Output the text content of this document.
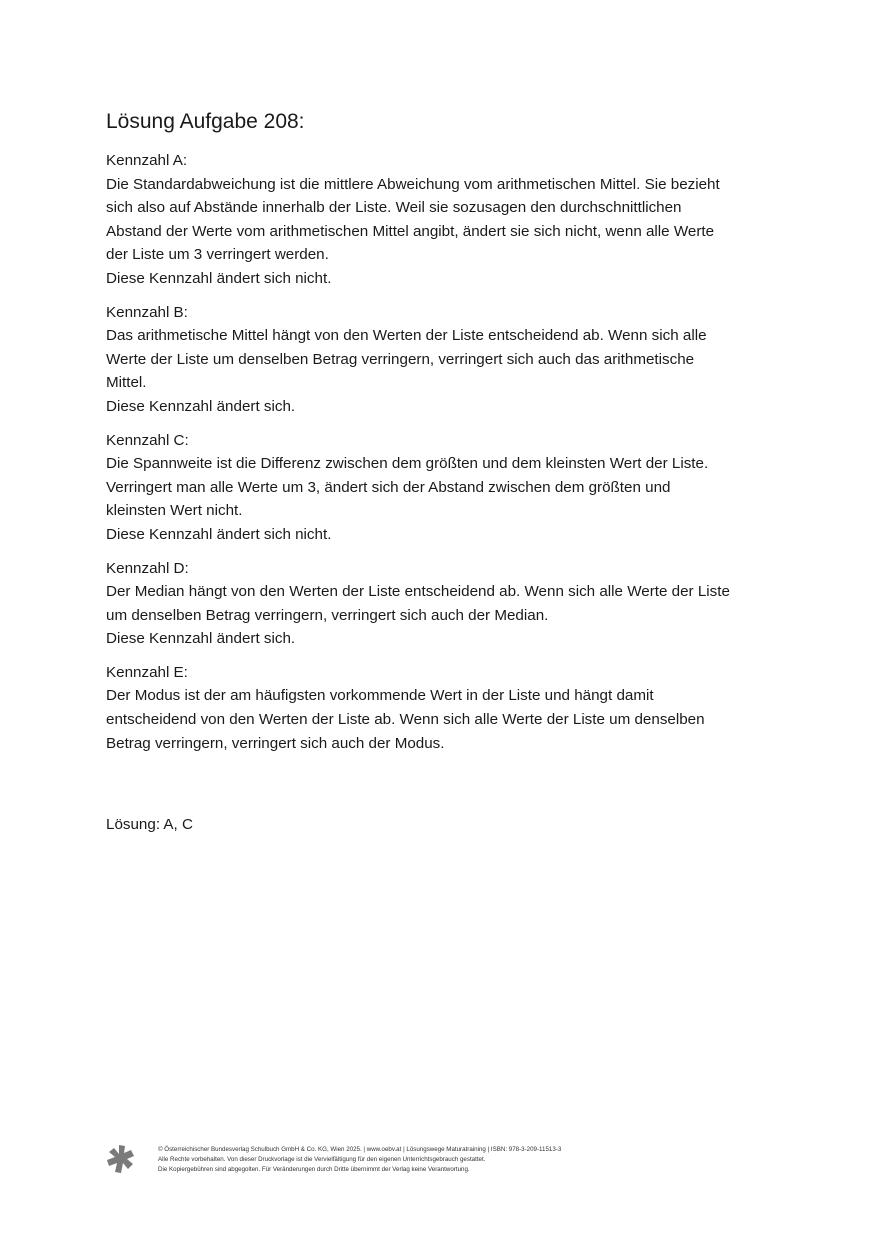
Lösung Aufgabe 208:

Kennzahl A:

Die Standardabweichung ist die mittlere Abweichung vom arithmetischen Mittel. Sie bezieht

sich also auf Abstände innerhalb der Liste. Weil sie sozusagen den durchschnittlichen

Abstand der Werte vom arithmetischen Mittel angibt, ändert sie sich nicht, wenn alle Werte

der Liste um 3 verringert werden.

Diese Kennzahl ändert sich nicht.

Kennzahl B:

Das arithmetische Mittel hängt von den Werten der Liste entscheidend ab. Wenn sich alle

Werte der Liste um denselben Betrag verringern, verringert sich auch das arithmetische

Mittel.

Diese Kennzahl ändert sich.

Kennzahl C:

Die Spannweite ist die Differenz zwischen dem größten und dem kleinsten Wert der Liste.

Verringert man alle Werte um 3, ändert sich der Abstand zwischen dem größten und

kleinsten Wert nicht.

Diese Kennzahl ändert sich nicht.

Kennzahl D:

Der Median hängt von den Werten der Liste entscheidend ab. Wenn sich alle Werte der Liste

um denselben Betrag verringern, verringert sich auch der Median.

Diese Kennzahl ändert sich.

Kennzahl E:

Der Modus ist der am häufigsten vorkommende Wert in der Liste und hängt damit

entscheidend von den Werten der Liste ab. Wenn sich alle Werte der Liste um denselben

Betrag verringern, verringert sich auch der Modus.

Lösung: A, C

© Österreichischer Bundesverlag Schulbuch GmbH & Co. KG, Wien 2025. | www.oebv.at | Lösungswege Maturatraining | ISBN: 978-3-209-11513-3
Alle Rechte vorbehalten. Von dieser Druckvorlage ist die Vervielfältigung für den eigenen Unterrichtsgebrauch gestattet.
Die Kopiergebühren sind abgegolten. Für Veränderungen durch Dritte übernimmt der Verlag keine Verantwortung.
